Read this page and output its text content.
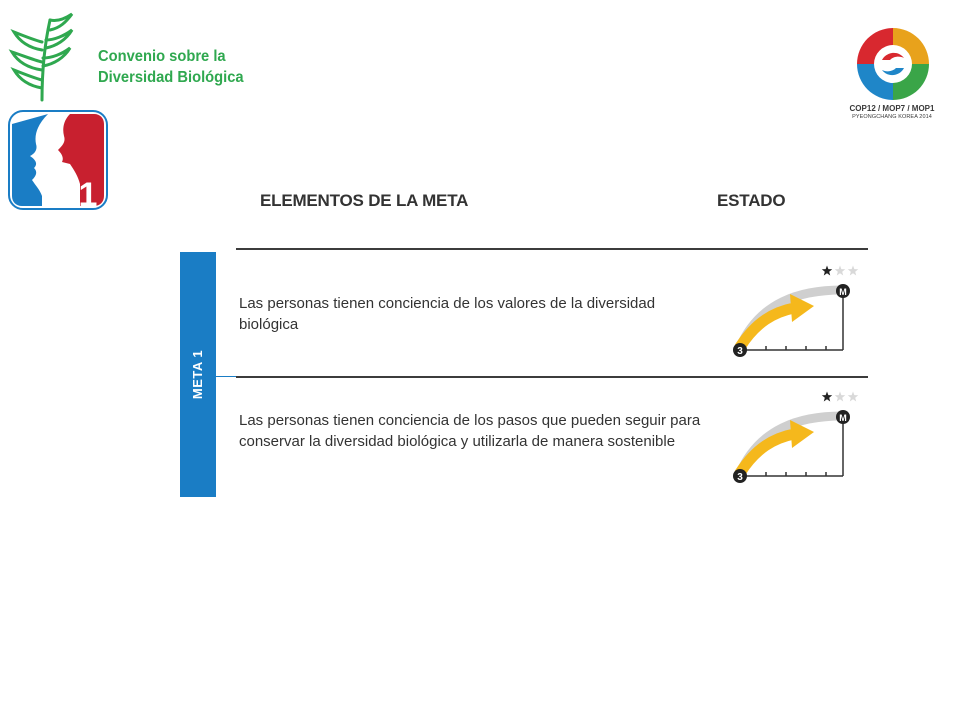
Convenio sobre la
Diversidad Biológica
1
COP12 / MOP7 / MOP1
PYEONGCHANG KOREA 2014
ELEMENTOS DE LA META	ESTADO
META 1
Las personas tienen conciencia de los valores de la diversidad biológica
3
M
Las personas tienen conciencia de los pasos que pueden seguir para conservar la diversidad biológica y utilizarla de manera sostenible
3
M
